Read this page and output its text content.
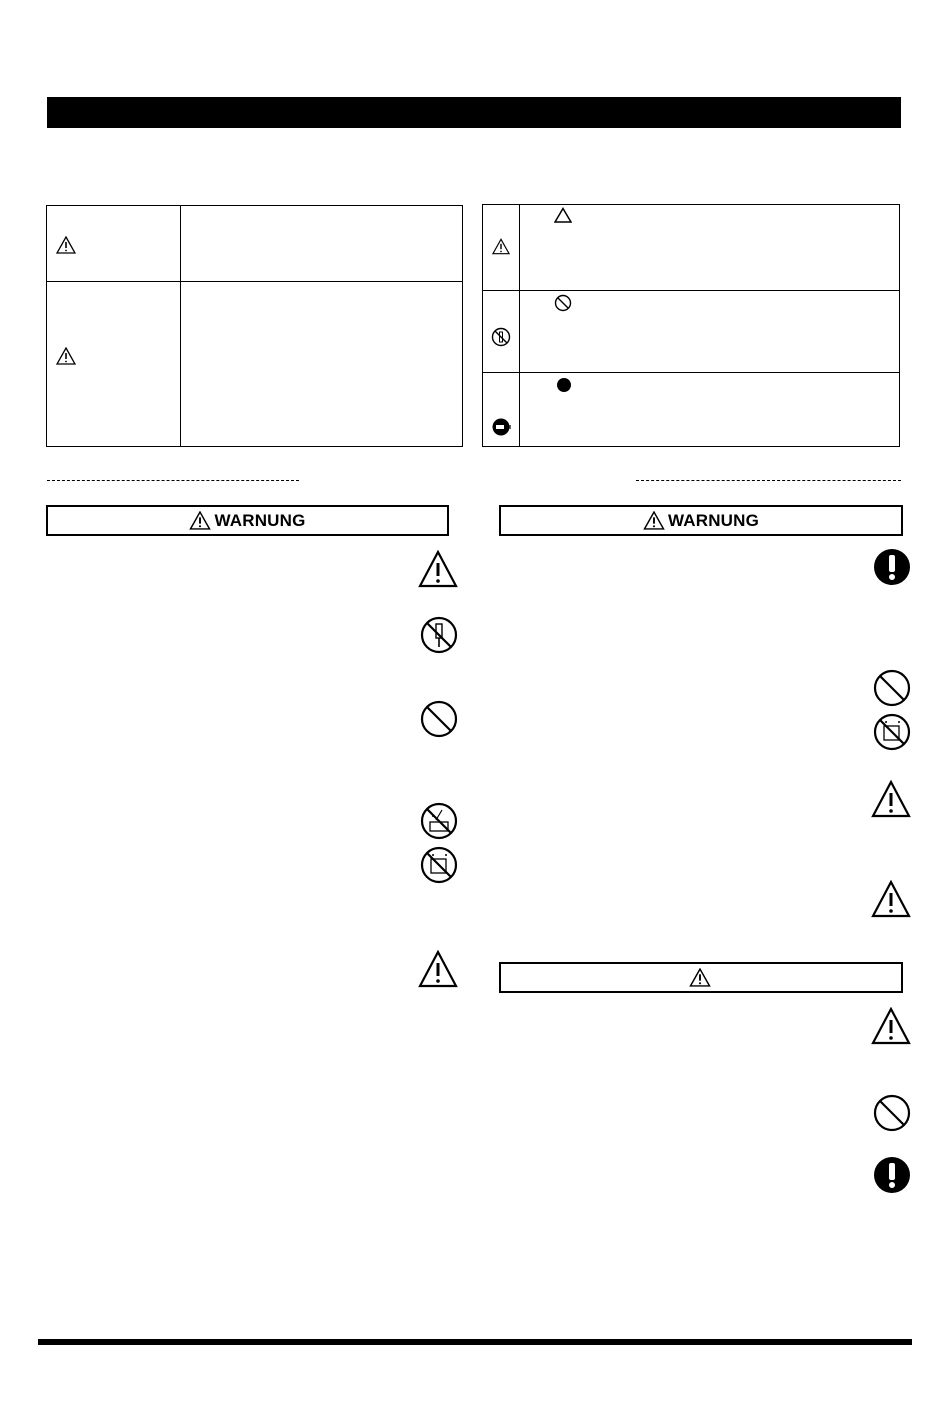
WARNUNG	WARNUNG
